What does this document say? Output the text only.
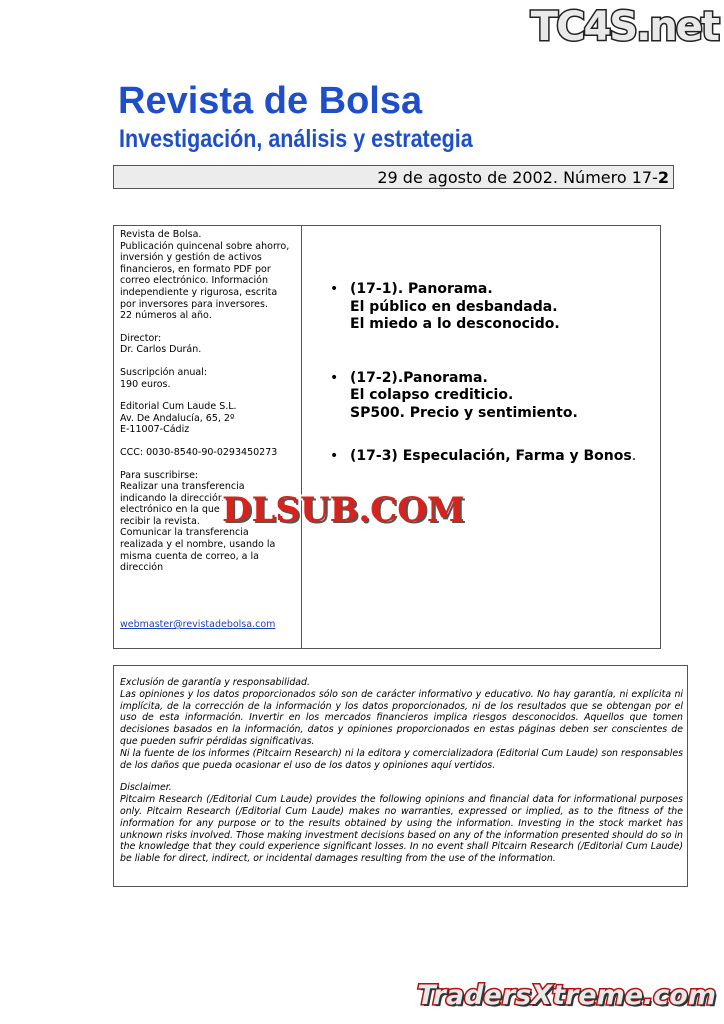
TC4S.net
Revista de Bolsa
Investigación, análisis y estrategia
29 de agosto de 2002. Número 17-2

Revista de Bolsa.

Publicación quincenal sobre ahorro,

inversión y gestión de activos

financieros, en formato PDF por

correo electrónico. Información

independiente y rigurosa, escrita

por inversores para inversores.

22 números al año.

Director:

Dr. Carlos Durán.

Suscripción anual:

190 euros.

Editorial Cum Laude S.L.

Av. De Andalucía, 65, 2º

E-11007-Cádiz

CCC: 0030-8540-90-0293450273

Para suscribirse:

Realizar una transferencia

indicando la dirección

electrónico en la que

recibir la revista.

Comunicar la transferencia

realizada y el nombre, usando la

misma cuenta de correo, a la

dirección

webmaster@revistadebolsa.com
• (17-1). Panorama.
El público en desbandada.
El miedo a lo desconocido.
• (17-2).Panorama.
El colapso crediticio.
SP500. Precio y sentimiento.
• (17-3) Especulación, Farma y Bonos.
DLSUB.COM

Exclusión de garantía y responsabilidad.

Las opiniones y los datos proporcionados sólo son de carácter informativo y educativo. No hay garantía, ni explícita ni implícita, de la corrección de la información y los datos proporcionados, ni de los resultados que se obtengan por el uso de esta información. Invertir en los mercados financieros implica riesgos desconocidos. Aquellos que tomen decisiones basados en la información, datos y opiniones proporcionados en estas páginas deben ser conscientes de que pueden sufrir pérdidas significativas.

Ni la fuente de los informes (Pitcairn Research) ni la editora y comercializadora (Editorial Cum Laude) son responsables de los daños que pueda ocasionar el uso de los datos y opiniones aquí vertidos.

Disclaimer.

Pitcairn Research (/Editorial Cum Laude) provides the following opinions and financial data for informational purposes only. Pitcairn Research (/Editorial Cum Laude) makes no warranties, expressed or implied, as to the fitness of the information for any purpose or to the results obtained by using the information. Investing in the stock market has unknown risks involved. Those making investment decisions based on any of the information presented should do so in the knowledge that they could experience significant losses. In no event shall Pitcairn Research (/Editorial Cum Laude) be liable for direct, indirect, or incidental damages resulting from the use of the information.

TradersXtreme.com
